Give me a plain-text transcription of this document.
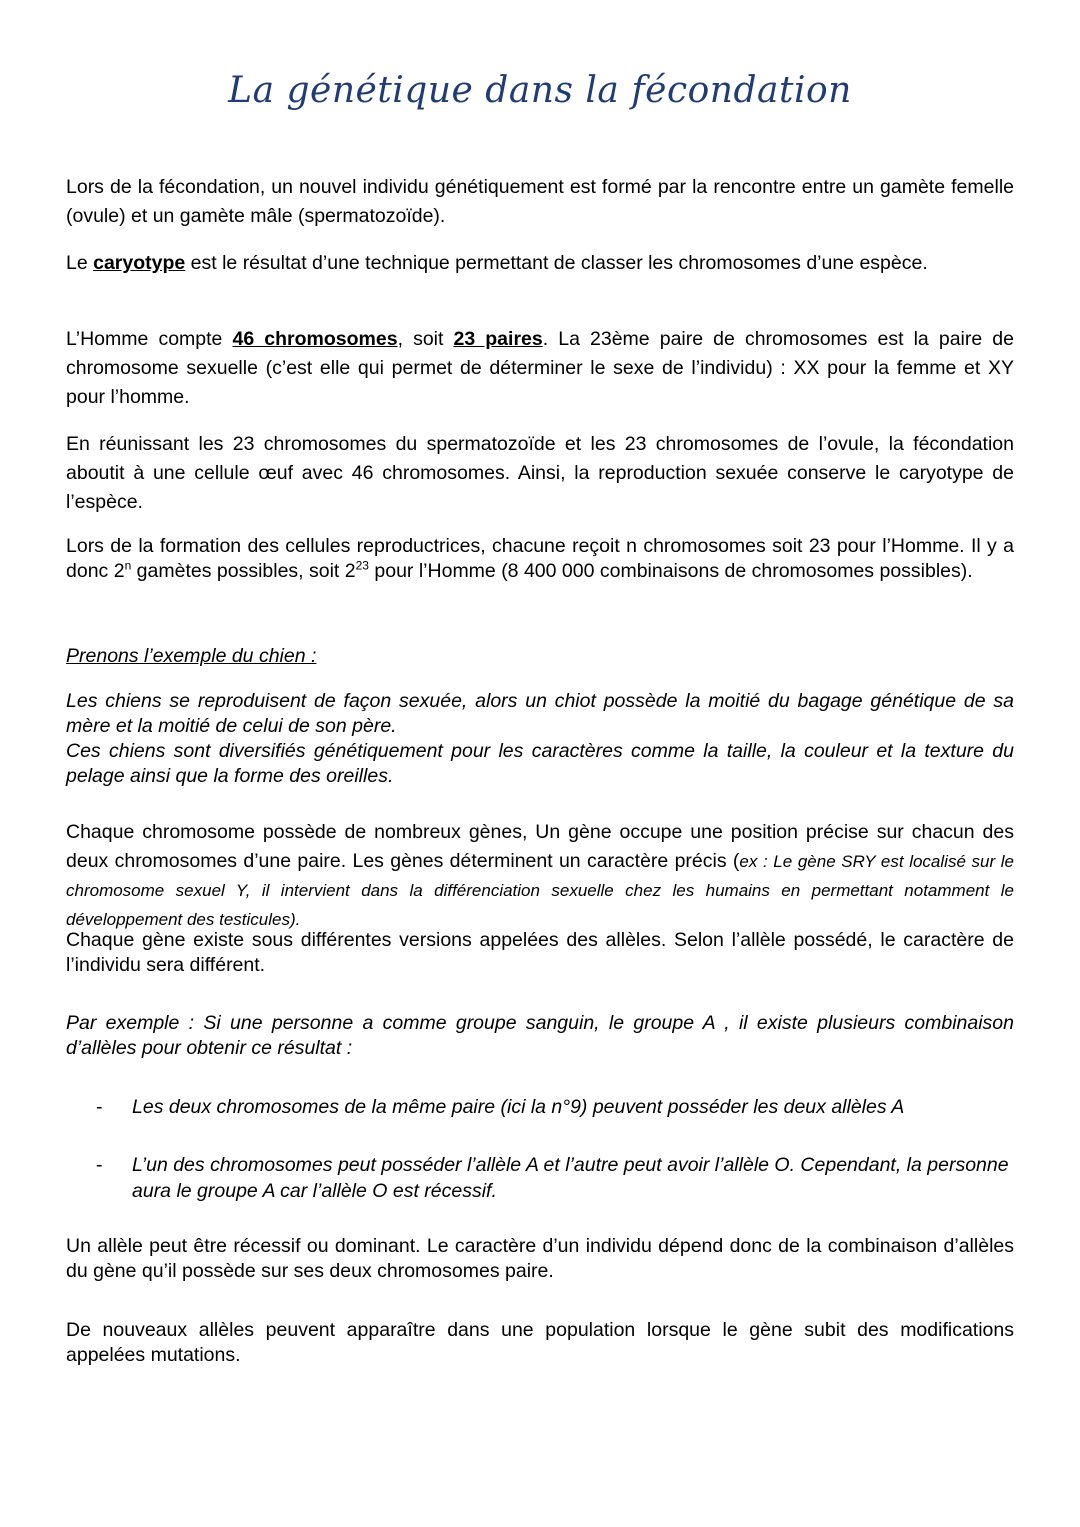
La génétique dans la fécondation

Lors de la fécondation, un nouvel individu génétiquement est formé par la rencontre entre un gamète femelle (ovule) et un gamète mâle (spermatozoïde).

Le caryotype est le résultat d’une technique permettant de classer les chromosomes d’une espèce.

L’Homme compte 46 chromosomes, soit 23 paires. La 23ème paire de chromosomes est la paire de chromosome sexuelle (c’est elle qui permet de déterminer le sexe de l’individu) : XX pour la femme et XY pour l’homme.

En réunissant les 23 chromosomes du spermatozoïde et les 23 chromosomes de l’ovule, la fécondation aboutit à une cellule œuf avec 46 chromosomes. Ainsi, la reproduction sexuée conserve le caryotype de l’espèce.

Lors de la formation des cellules reproductrices, chacune reçoit n chromosomes soit 23 pour l’Homme. Il y a donc 2$^n$ gamètes possibles, soit $2^{23}$ pour l’Homme (8 400 000 combinaisons de chromosomes possibles).

Prenons l’exemple du chien :

Les chiens se reproduisent de façon sexuée, alors un chiot possède la moitié du bagage génétique de sa mère et la moitié de celui de son père.

Ces chiens sont diversifiés génétiquement pour les caractères comme la taille, la couleur et la texture du pelage ainsi que la forme des oreilles.

Chaque chromosome possède de nombreux gènes, Un gène occupe une position précise sur chacun des deux chromosomes d’une paire. Les gènes déterminent un caractère précis (ex : Le gène SRY est localisé sur le chromosome sexuel Y, il intervient dans la différenciation sexuelle chez les humains en permettant notamment le développement des testicules).

Chaque gène existe sous différentes versions appelées des allèles. Selon l’allèle possédé, le caractère de l’individu sera différent.

Par exemple : Si une personne a comme groupe sanguin, le groupe A , il existe plusieurs combinaison d’allèles pour obtenir ce résultat :

- Les deux chromosomes de la même paire (ici la n°9) peuvent posséder les deux allèles A
- L’un des chromosomes peut posséder l’allèle A et l’autre peut avoir l’allèle O. Cependant, la personne aura le groupe A car l’allèle O est récessif.

Un allèle peut être récessif ou dominant. Le caractère d’un individu dépend donc de la combinaison d’allèles du gène qu’il possède sur ses deux chromosomes paire.

De nouveaux allèles peuvent apparaître dans une population lorsque le gène subit des modifications appelées mutations.
